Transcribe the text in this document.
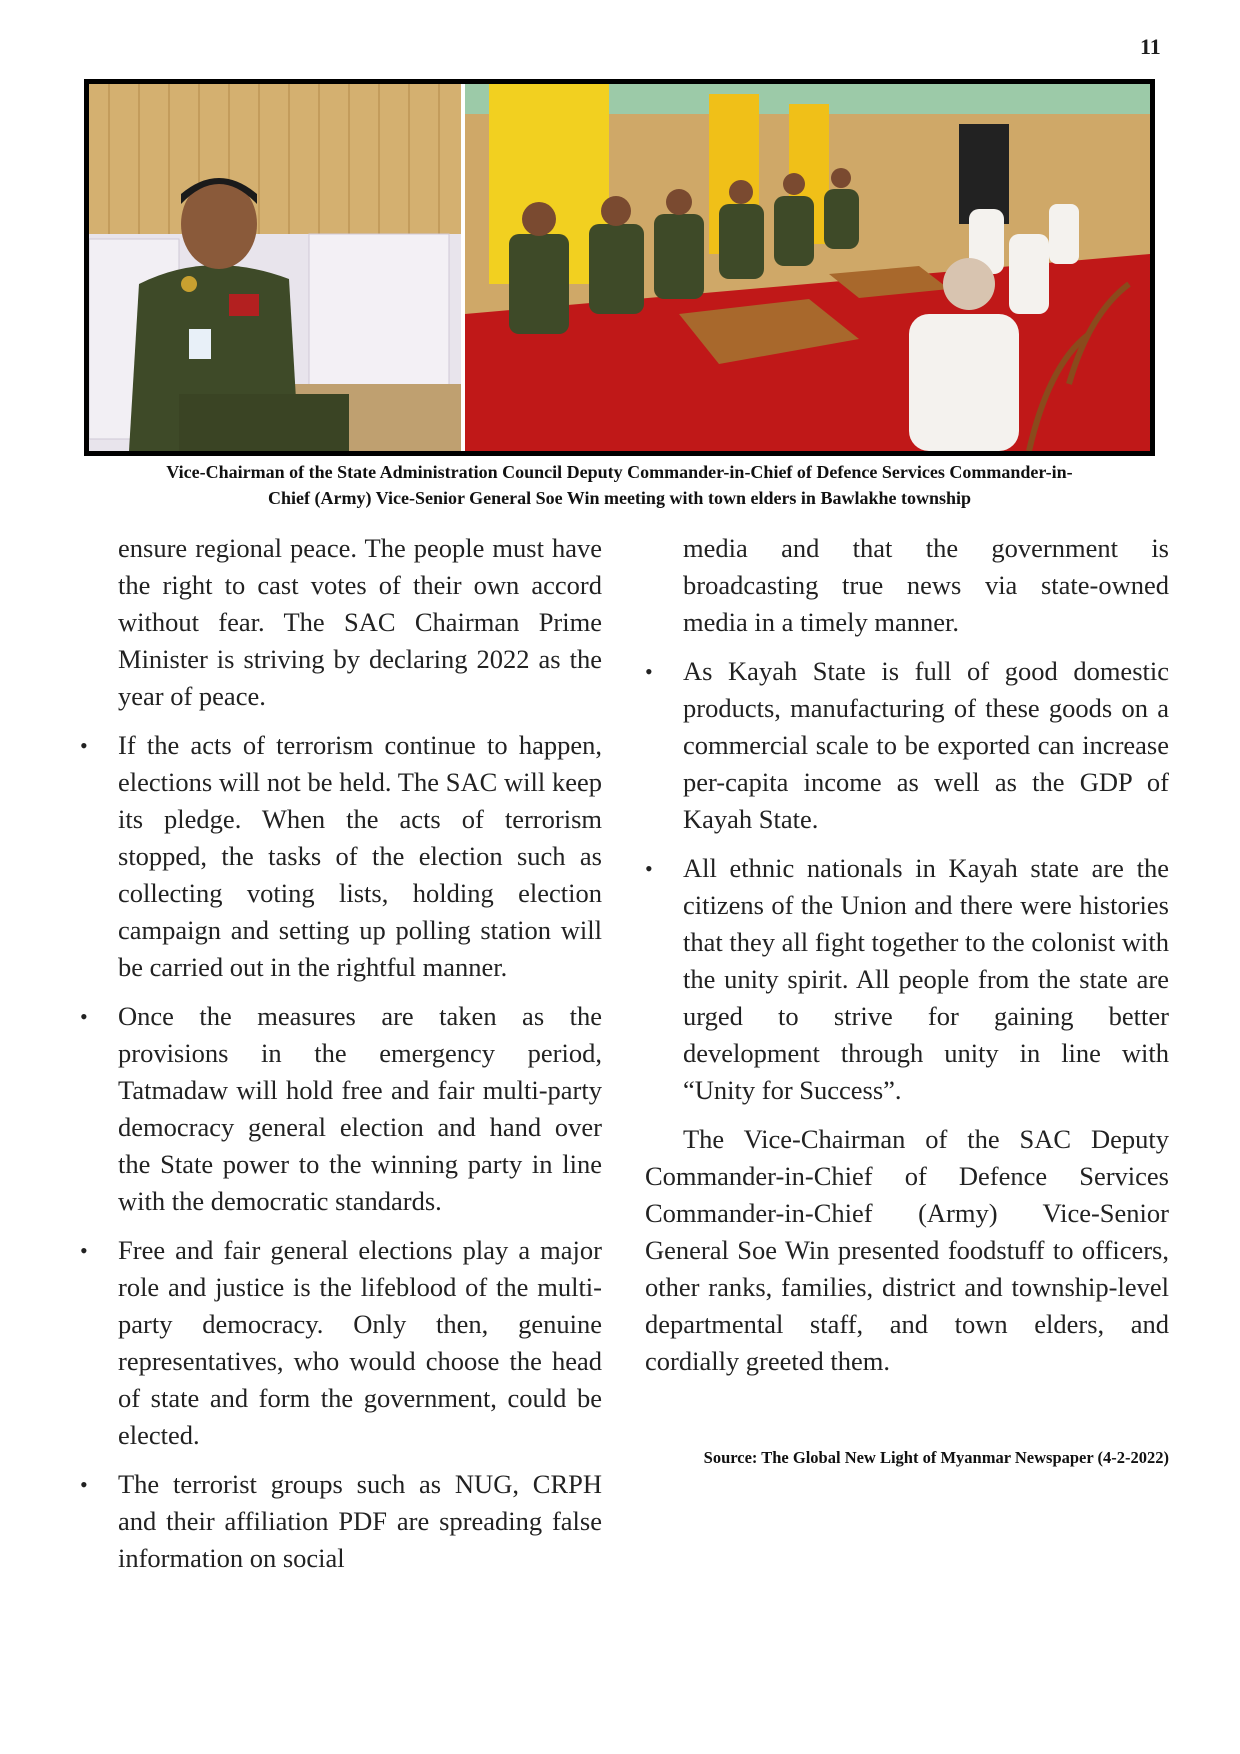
11
Vice-Chairman of the State Administration Council Deputy Commander-in-Chief of Defence Services Commander-in-
Chief (Army) Vice-Senior General Soe Win meeting with town elders in Bawlakhe township

ensure regional peace. The people must have the right to cast votes of their own accord without fear. The SAC Chairman Prime Minister is striving by declaring 2022 as the year of peace.

• If the acts of terrorism continue to happen, elections will not be held. The SAC will keep its pledge. When the acts of terrorism stopped, the tasks of the election such as collecting voting lists, holding election campaign and setting up polling station will be carried out in the rightful manner.

• Once the measures are taken as the provisions in the emergency period, Tatmadaw will hold free and fair multi-party democracy general election and hand over the State power to the winning party in line with the democratic standards.

• Free and fair general elections play a major role and justice is the lifeblood of the multi-party democracy. Only then, genuine representatives, who would choose the head of state and form the government, could be elected.

• The terrorist groups such as NUG, CRPH and their affiliation PDF are spreading false information on social

media and that the government is broadcasting true news via state-owned media in a timely manner.

• As Kayah State is full of good domestic products, manufacturing of these goods on a commercial scale to be exported can increase per-capita income as well as the GDP of Kayah State.

• All ethnic nationals in Kayah state are the citizens of the Union and there were histories that they all fight together to the colonist with the unity spirit. All people from the state are urged to strive for gaining better development through unity in line with “Unity for Success”.

The Vice-Chairman of the SAC Deputy Commander-in-Chief of Defence Services Commander-in-Chief (Army) Vice-Senior General Soe Win presented foodstuff to officers, other ranks, families, district and township-level departmental staff, and town elders, and cordially greeted them.

Source: The Global New Light of Myanmar Newspaper (4-2-2022)
